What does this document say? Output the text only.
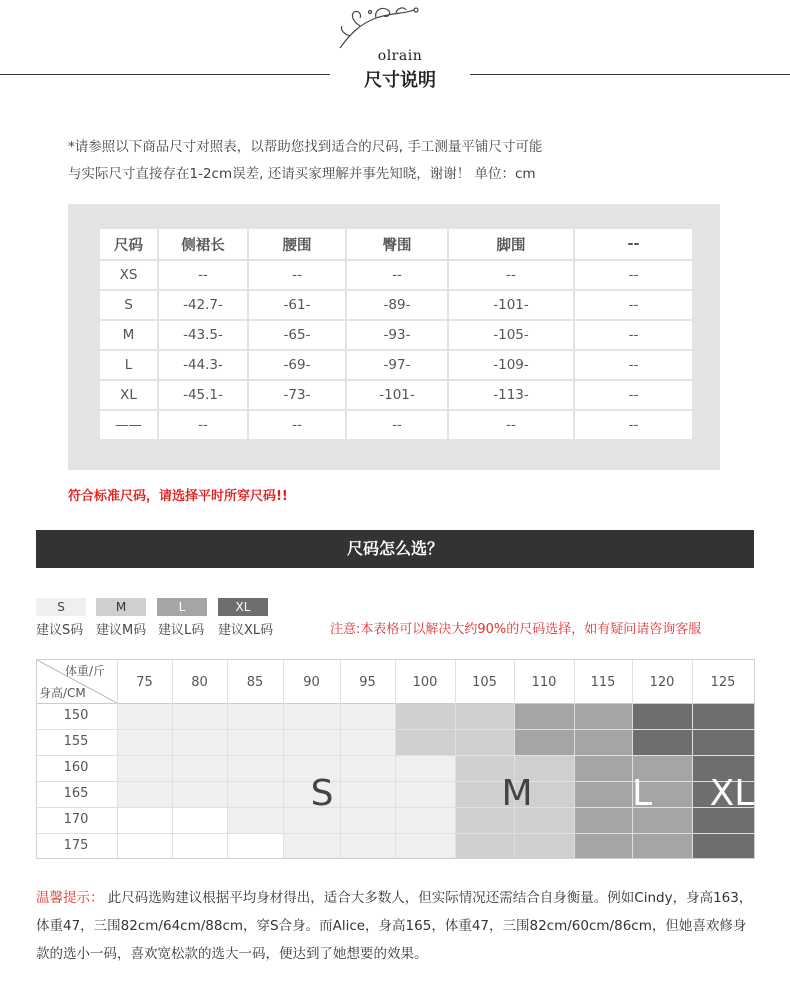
olrain
尺寸说明
*请参照以下商品尺寸对照表，以帮助您找到适合的尺码, 手工测量平铺尺寸可能
与实际尺寸直接存在1-2cm误差, 还请买家理解并事先知晓，谢谢！ 单位：cm
尺码	侧裙长	腰围	臀围	脚围	--
XS	--	--	--	--	--
S	-42.7-	-61-	-89-	-101-	--
M	-43.5-	-65-	-93-	-105-	--
L	-44.3-	-69-	-97-	-109-	--
XL	-45.1-	-73-	-101-	-113-	--
——	--	--	--	--	--
符合标准尺码，请选择平时所穿尺码!!
尺码怎么选？
S	M	L	XL
建议S码 建议M码 建议L码 建议XL码	注意:本表格可以解决大约90%的尺码选择，如有疑问请咨询客服
体重/斤
身高/CM
75	80	85	90	95	100	105	110	115	120	125
150
155
160
165
170
175
S	M	L	XL
温馨提示： 此尺码选购建议根据平均身材得出，适合大多数人，但实际情况还需结合自身衡量。例如Cindy，身高163，体重47，三围82cm/64cm/88cm，穿S合身。而Alice，身高165，体重47，三围82cm/60cm/86cm，但她喜欢修身款的选小一码，喜欢宽松款的选大一码，便达到了她想要的效果。
